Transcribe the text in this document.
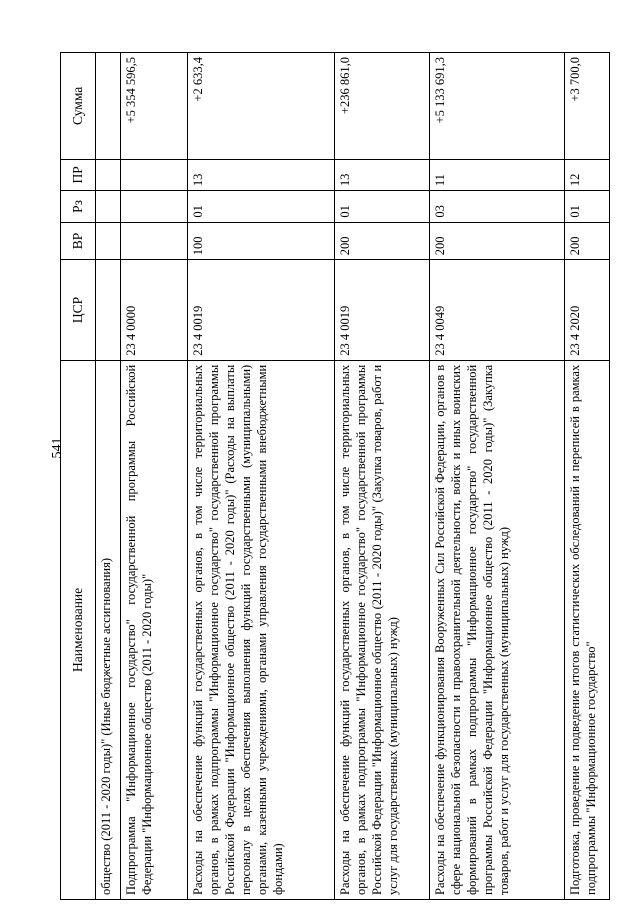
541
Наименование	ЦСР	ВР	Рз	ПР	Сумма
общество (2011 - 2020 годы)" (Иные бюджетные ассигнования)					
Подпрограмма "Информационное государство" государственной программы Российской Федерации "Информационное общество (2011 - 2020 годы)"	23 4 0000				+5 354 596,5
Расходы на обеспечение функций государственных органов, в том числе территориальных органов, в рамках подпрограммы "Информационное государство" государственной программы Российской Федерации "Информационное общество (2011 - 2020 годы)" (Расходы на выплаты персоналу в целях обеспечения выполнения функций государственными (муниципальными) органами, казенными учреждениями, органами управления государственными внебюджетными фондами)	23 4 0019	100	01	13	+2 633,4
Расходы на обеспечение функций государственных органов, в том числе территориальных органов, в рамках подпрограммы "Информационное государство" государственной программы Российской Федерации "Информационное общество (2011 - 2020 годы)" (Закупка товаров, работ и услуг для государственных (муниципальных) нужд)	23 4 0019	200	01	13	+236 861,0
Расходы на обеспечение функционирования Вооруженных Сил Российской Федерации, органов в сфере национальной безопасности и правоохранительной деятельности, войск и иных воинских формирований в рамках подпрограммы "Информационное государство" государственной программы Российской Федерации "Информационное общество (2011 - 2020 годы)" (Закупка товаров, работ и услуг для государственных (муниципальных) нужд)	23 4 0049	200	03	11	+5 133 691,3
Подготовка, проведение и подведение итогов статистических обследований и переписей в рамках подпрограммы "Информационное государство"	23 4 2020	200	01	12	+3 700,0
